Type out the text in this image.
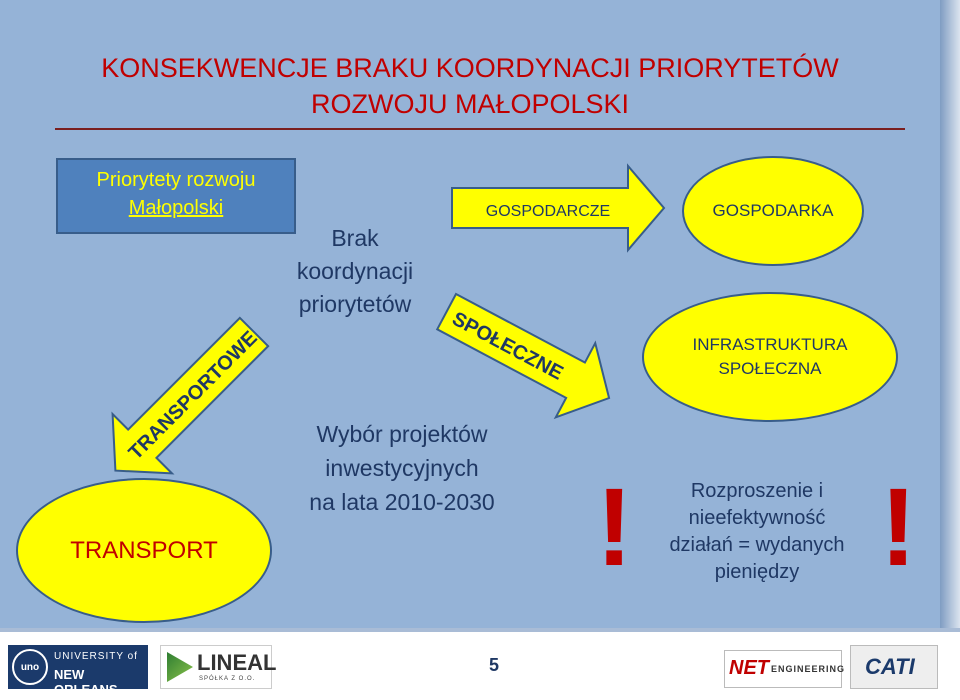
KONSEKWENCJE BRAKU KOORDYNACJI PRIORYTETÓW
ROZWOJU MAŁOPOLSKI
Priorytety rozwoju
Małopolski
Brak
koordynacji
priorytetów
GOSPODARCZE
SPOŁECZNE
TRANSPORTOWE
GOSPODARKA
INFRASTRUKTURA
SPOŁECZNA
TRANSPORT
Wybór projektów
inwestycyjnych
na lata 2010-2030 ! !
Rozproszenie i
nieefektywność
działań = wydanych
pieniędzy
5
uno
UNIVERSITY of
NEW ORLEANS
LINEAL
SPÓŁKA Z O.O.	NET ENGINEERING CATI
